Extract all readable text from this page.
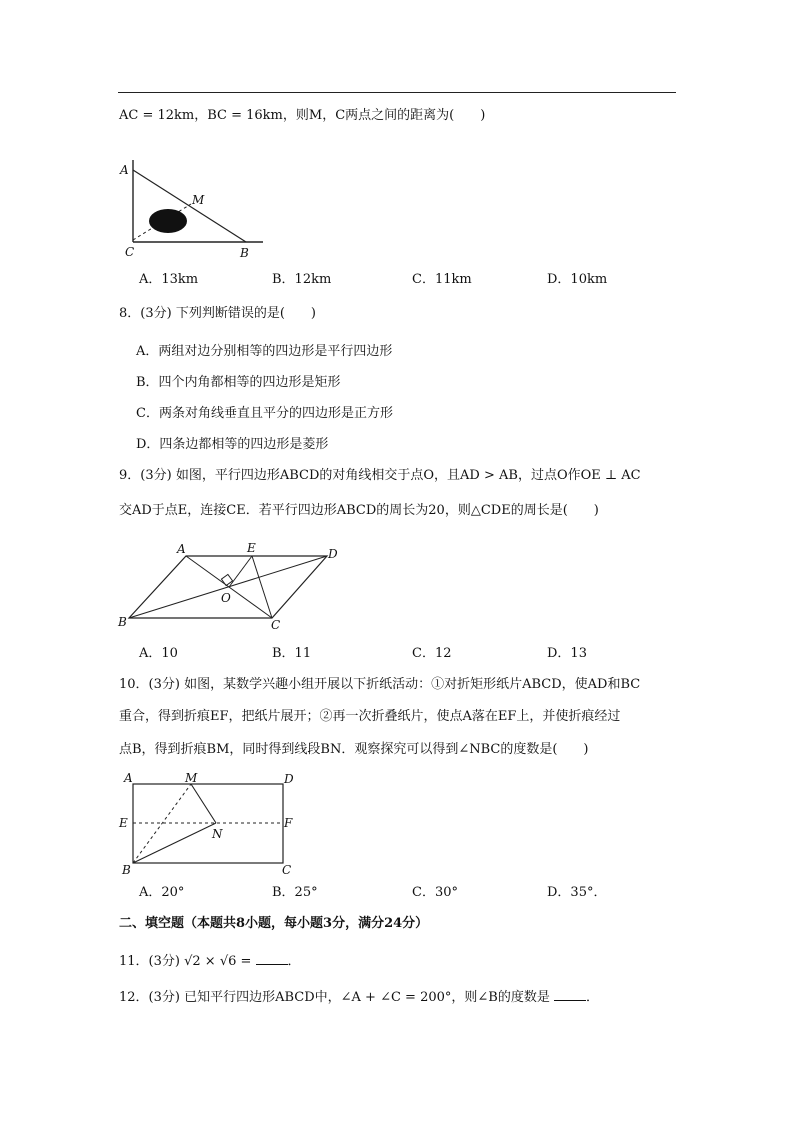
AC = 12km，BC = 16km，则M，C两点之间的距离为(　　)
A
M
C	B
A．13km	B．12km	C．11km	D．10km
8．(3分) 下列判断错误的是(　　)
A．两组对边分别相等的四边形是平行四边形
B．四个内角都相等的四边形是矩形
C．两条对角线垂直且平分的四边形是正方形
D．四条边都相等的四边形是菱形
9．(3分) 如图，平行四边形ABCD的对角线相交于点O，且AD > AB，过点O作OE ⊥ AC
交AD于点E，连接CE．若平行四边形ABCD的周长为20，则△CDE的周长是(　　)
A	E	D
O
B	C
A．10	B．11	C．12	D．13
10．(3分) 如图，某数学兴趣小组开展以下折纸活动：①对折矩形纸片ABCD，使AD和BC
重合，得到折痕EF，把纸片展开；②再一次折叠纸片，使点A落在EF上，并使折痕经过
点B，得到折痕BM，同时得到线段BN．观察探究可以得到∠NBC的度数是(　　)
A	M	D
E
N
F
B	C
A．20°	B．25°	C．30°	D．35°．
二、填空题（本题共8小题，每小题3分，满分24分）
11．(3分) √2 × √6 =	．
12．(3分) 已知平行四边形ABCD中，∠A + ∠C = 200°，则∠B的度数是	．
